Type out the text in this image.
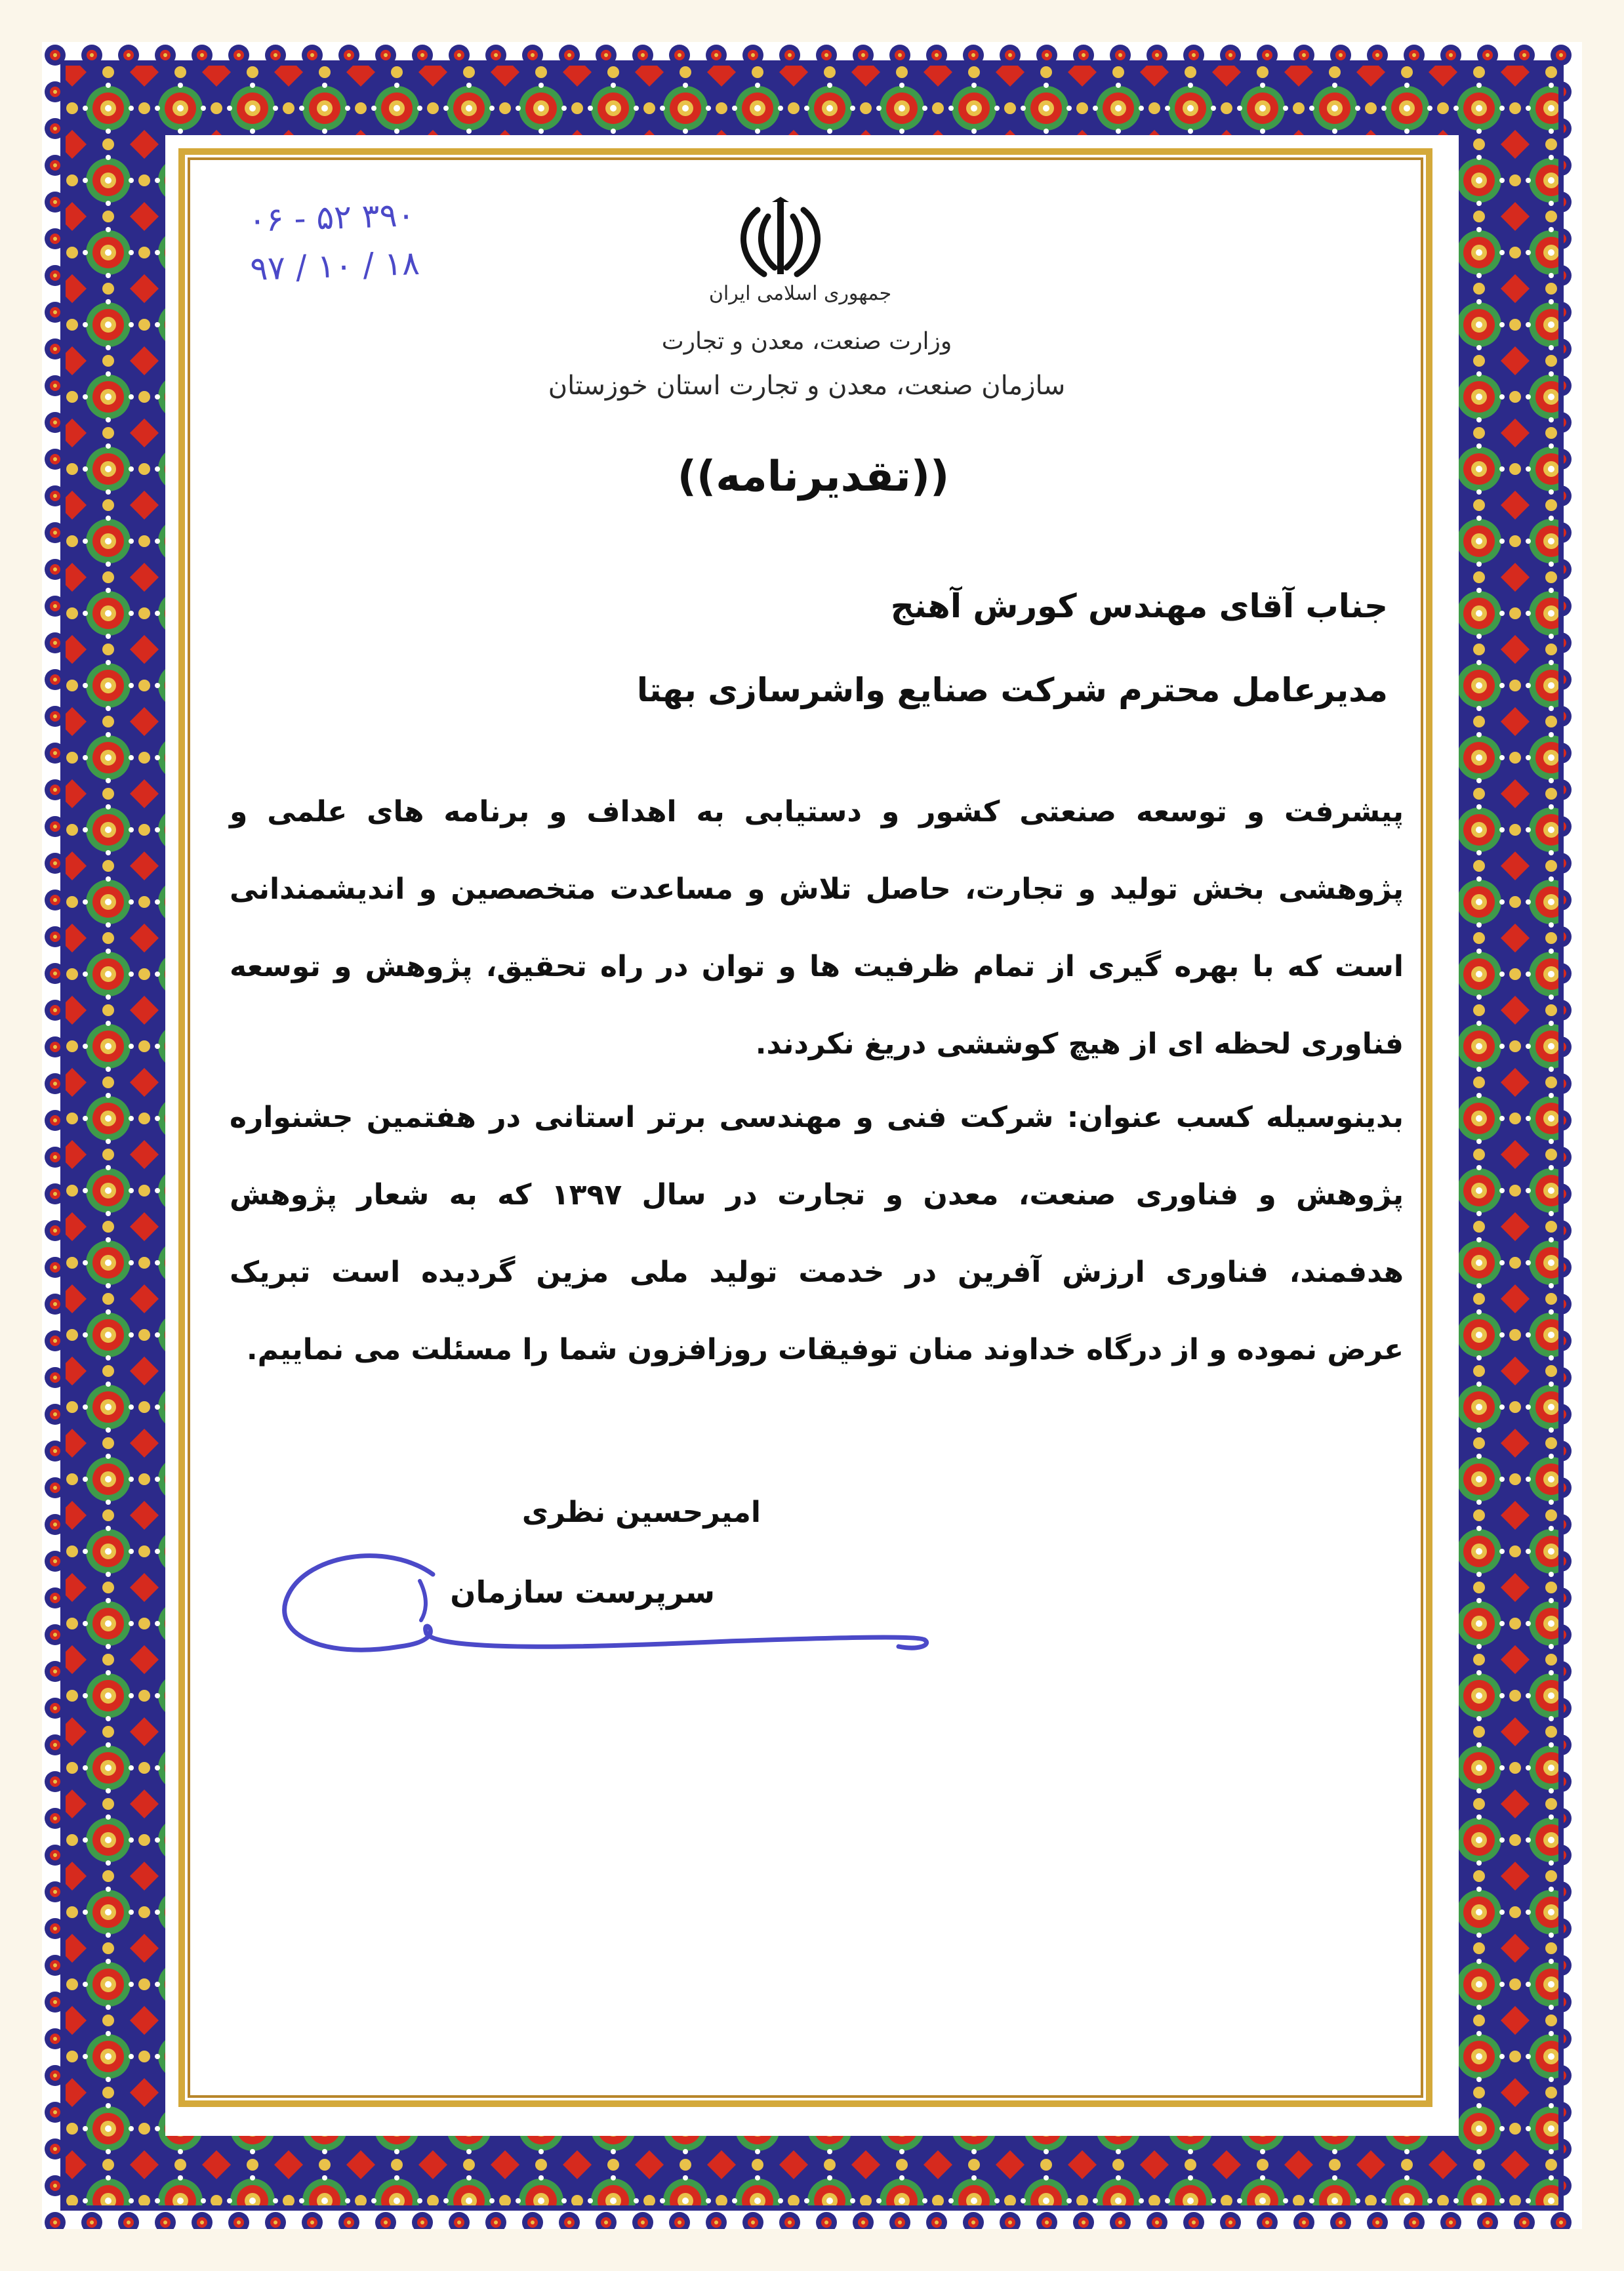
۰۶ - ۵۲ ۳۹۰
۹۷ / ۱۰ / ۱۸
جمهوری اسلامی ایران
وزارت صنعت، معدن و تجارت
سازمان صنعت، معدن و تجارت استان خوزستان
((تقدیرنامه))
جناب آقای مهندس کورش آهنج
مدیرعامل محترم شرکت صنایع واشرسازی بهتا
پیشرفت و توسعه صنعتی کشور و دستیابی به اهداف و برنامه های علمی و
پژوهشی بخش تولید و تجارت، حاصل تلاش و مساعدت متخصصین و اندیشمندانی
است که با بهره گیری از تمام ظرفیت ها و توان در راه تحقیق، پژوهش و توسعه
فناوری لحظه ای از هیچ کوششی دریغ نکردند.
بدینوسیله کسب عنوان: شرکت فنی و مهندسی برتر استانی در هفتمین جشنواره
پژوهش و فناوری صنعت، معدن و تجارت در سال ۱۳۹۷ که به شعار پژوهش
هدفمند، فناوری ارزش آفرین در خدمت تولید ملی مزین گردیده است تبریک
عرض نموده و از درگاه خداوند منان توفیقات روزافزون شما را مسئلت می نماییم.
امیرحسین نظری
سرپرست سازمان
